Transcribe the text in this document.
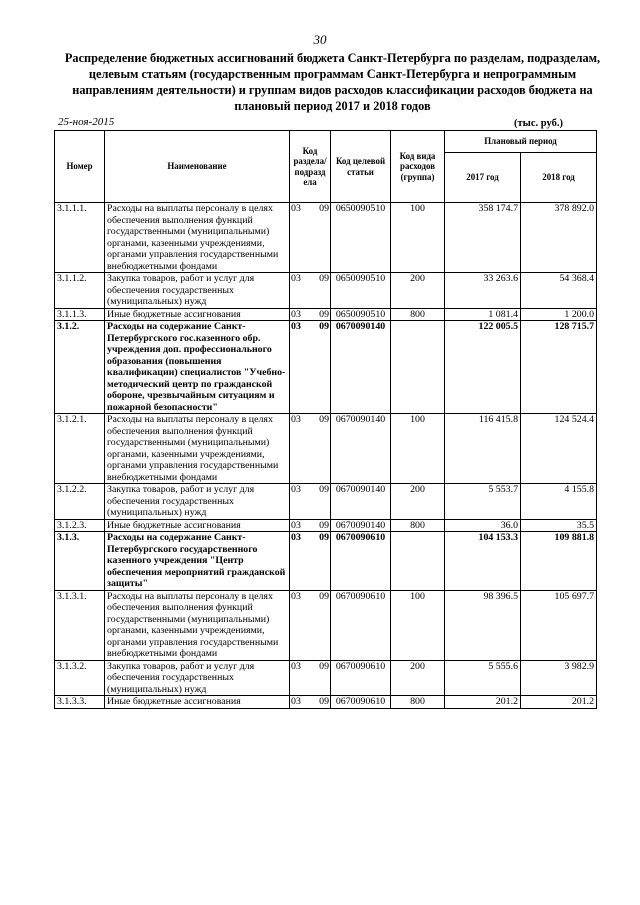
30
Распределение бюджетных ассигнований бюджета Санкт-Петербурга по разделам, подразделам, целевым статьям (государственным программам Санкт-Петербурга и непрограммным направлениям деятельности) и группам видов расходов классификации расходов бюджета на плановый период 2017 и 2018 годов
25-ноя-2015	(тыс. руб.)
Номер	Наименование	Код раздела/ подразд ела		Код целевой статьи	Код вида расходов (группа)	Плановый период	
						2017 год	2018 год
3.1.1.1.	Расходы на выплаты персоналу в целях обеспечения выполнения функций государственными (муниципальными) органами, казенными учреждениями, органами управления государственными внебюджетными фондами	03	09	0650090510	100	358 174.7	378 892.0
3.1.1.2.	Закупка товаров, работ и услуг для обеспечения государственных (муниципальных) нужд	03	09	0650090510	200	33 263.6	54 368.4
3.1.1.3.	Иные бюджетные ассигнования	03	09	0650090510	800	1 081.4	1 200.0
3.1.2.	Расходы на содержание Санкт-Петербургского гос.казенного обр. учреждения доп. профессионального образования (повышения квалификации) специалистов "Учебно-методический центр по гражданской обороне, чрезвычайным ситуациям и пожарной безопасности"	03	09	0670090140		122 005.5	128 715.7
3.1.2.1.	Расходы на выплаты персоналу в целях обеспечения выполнения функций государственными (муниципальными) органами, казенными учреждениями, органами управления государственными внебюджетными фондами	03	09	0670090140	100	116 415.8	124 524.4
3.1.2.2.	Закупка товаров, работ и услуг для обеспечения государственных (муниципальных) нужд	03	09	0670090140	200	5 553.7	4 155.8
3.1.2.3.	Иные бюджетные ассигнования	03	09	0670090140	800	36.0	35.5
3.1.3.	Расходы на содержание Санкт-Петербургского государственного казенного учреждения "Центр обеспечения мероприятий гражданской защиты"	03	09	0670090610		104 153.3	109 881.8
3.1.3.1.	Расходы на выплаты персоналу в целях обеспечения выполнения функций государственными (муниципальными) органами, казенными учреждениями, органами управления государственными внебюджетными фондами	03	09	0670090610	100	98 396.5	105 697.7
3.1.3.2.	Закупка товаров, работ и услуг для обеспечения государственных (муниципальных) нужд	03	09	0670090610	200	5 555.6	3 982.9
3.1.3.3.	Иные бюджетные ассигнования	03	09	0670090610	800	201.2	201.2
